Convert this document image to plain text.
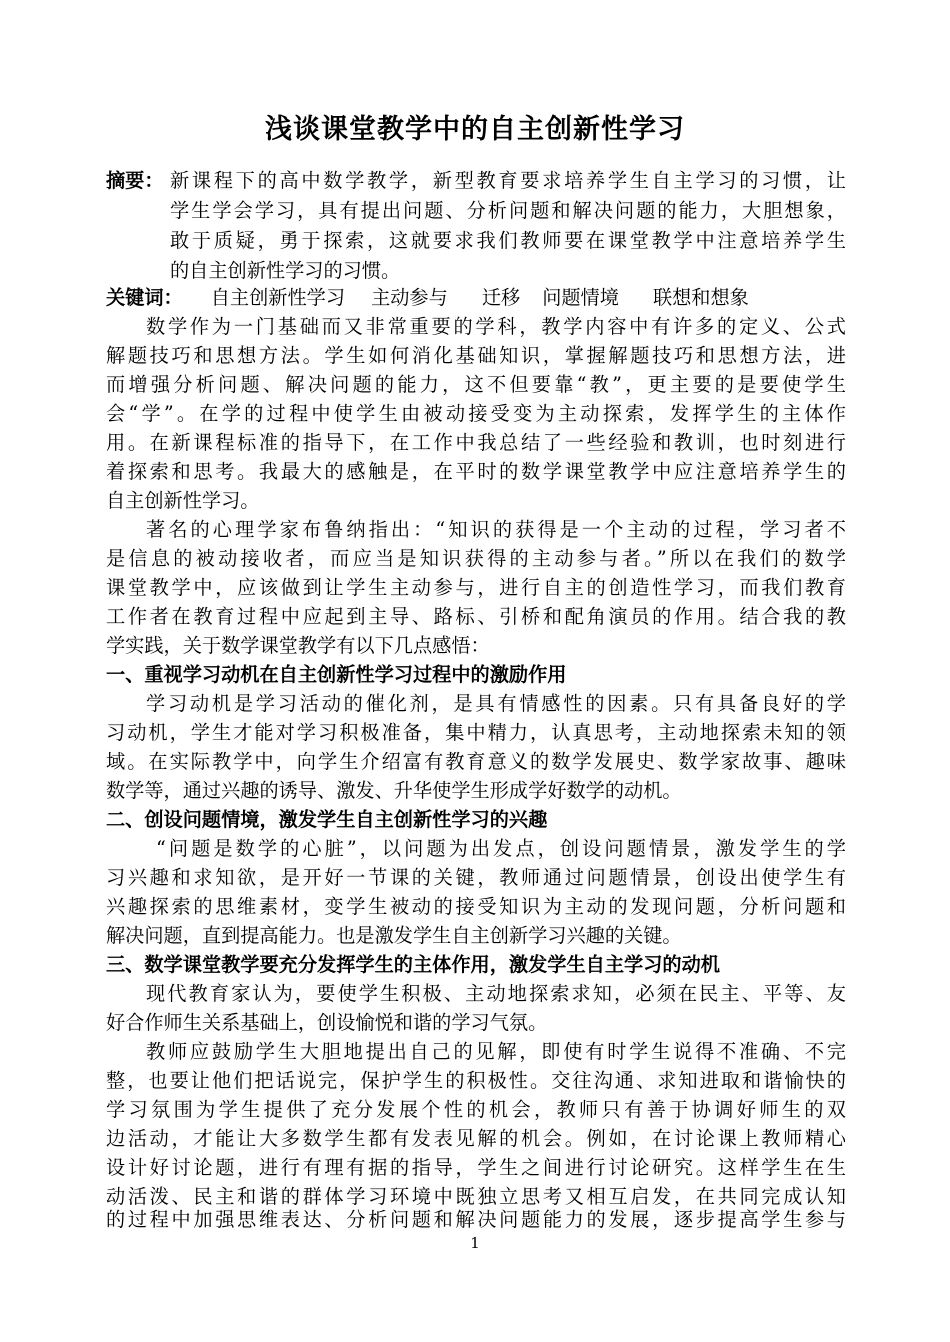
浅谈课堂教学中的自主创新性学习
摘要： 新课程下的高中数学教学，新型教育要求培养学生自主学习的习惯，让
学生学会学习，具有提出问题、分析问题和解决问题的能力，大胆想象，
敢于质疑，勇于探索，这就要求我们教师要在课堂教学中注意培养学生
的自主创新性学习的习惯。
关键词： 自主创新性学习 主动参与 迁移 问题情境 联想和想象
数学作为一门基础而又非常重要的学科，教学内容中有许多的定义、公式
解题技巧和思想方法。学生如何消化基础知识，掌握解题技巧和思想方法，进
而增强分析问题、解决问题的能力，这不但要靠“教”，更主要的是要使学生
会“学”。在学的过程中使学生由被动接受变为主动探索，发挥学生的主体作
用。在新课程标准的指导下，在工作中我总结了一些经验和教训，也时刻进行
着探索和思考。我最大的感触是，在平时的数学课堂教学中应注意培养学生的
自主创新性学习。
著名的心理学家布鲁纳指出：“知识的获得是一个主动的过程，学习者不
是信息的被动接收者，而应当是知识获得的主动参与者。”所以在我们的数学
课堂教学中，应该做到让学生主动参与，进行自主的创造性学习，而我们教育
工作者在教育过程中应起到主导、路标、引桥和配角演员的作用。结合我的教
学实践，关于数学课堂教学有以下几点感悟：
一、重视学习动机在自主创新性学习过程中的激励作用
学习动机是学习活动的催化剂，是具有情感性的因素。只有具备良好的学
习动机，学生才能对学习积极准备，集中精力，认真思考，主动地探索未知的领
域。在实际教学中，向学生介绍富有教育意义的数学发展史、数学家故事、趣味
数学等，通过兴趣的诱导、激发、升华使学生形成学好数学的动机。
二、创设问题情境，激发学生自主创新性学习的兴趣
“问题是数学的心脏”，以问题为出发点，创设问题情景，激发学生的学
习兴趣和求知欲，是开好一节课的关键，教师通过问题情景，创设出使学生有
兴趣探索的思维素材，变学生被动的接受知识为主动的发现问题，分析问题和
解决问题，直到提高能力。也是激发学生自主创新学习兴趣的关键。
三、数学课堂教学要充分发挥学生的主体作用，激发学生自主学习的动机
现代教育家认为，要使学生积极、主动地探索求知，必须在民主、平等、友
好合作师生关系基础上，创设愉悦和谐的学习气氛。
教师应鼓励学生大胆地提出自己的见解，即使有时学生说得不准确、不完
整，也要让他们把话说完，保护学生的积极性。交往沟通、求知进取和谐愉快的
学习氛围为学生提供了充分发展个性的机会，教师只有善于协调好师生的双
边活动，才能让大多数学生都有发表见解的机会。例如，在讨论课上教师精心
设计好讨论题，进行有理有据的指导，学生之间进行讨论研究。这样学生在生
动活泼、民主和谐的群体学习环境中既独立思考又相互启发，在共同完成认知
的过程中加强思维表达、分析问题和解决问题能力的发展，逐步提高学生参与
1
